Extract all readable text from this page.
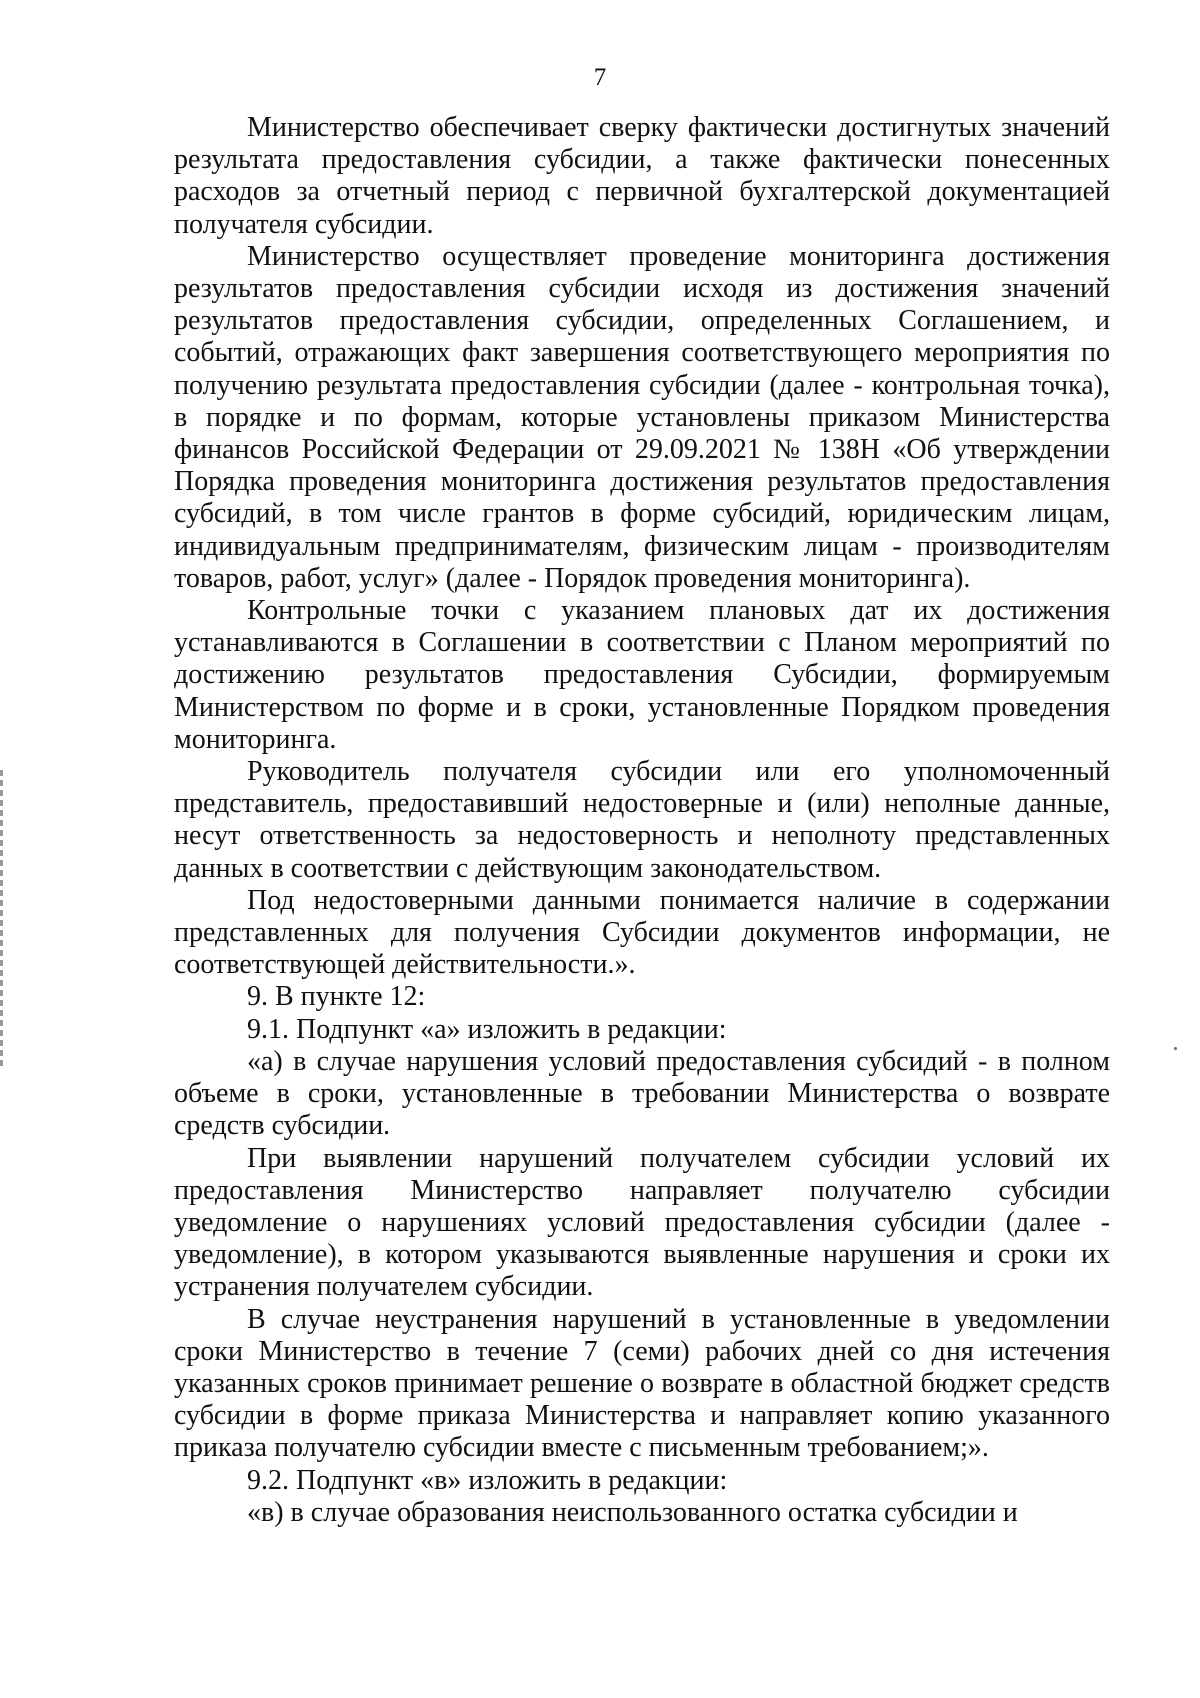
7

Министерство обеспечивает сверку фактически достигнутых значений результата предоставления субсидии, а также фактически понесенных расходов за отчетный период с первичной бухгалтерской документацией получателя субсидии.

Министерство осуществляет проведение мониторинга достижения результатов предоставления субсидии исходя из достижения значений результатов предоставления субсидии, определенных Соглашением, и событий, отражающих факт завершения соответствующего мероприятия по получению результата предоставления субсидии (далее - контрольная точка), в порядке и по формам, которые установлены приказом Министерства финансов Российской Федерации от 29.09.2021 № 138Н «Об утверждении Порядка проведения мониторинга достижения результатов предоставления субсидий, в том числе грантов в форме субсидий, юридическим лицам, индивидуальным предпринимателям, физическим лицам - производителям товаров, работ, услуг» (далее - Порядок проведения мониторинга).

Контрольные точки с указанием плановых дат их достижения устанавливаются в Соглашении в соответствии с Планом мероприятий по достижению результатов предоставления Субсидии, формируемым Министерством по форме и в сроки, установленные Порядком проведения мониторинга.

Руководитель получателя субсидии или его уполномоченный представитель, предоставивший недостоверные и (или) неполные данные, несут ответственность за недостоверность и неполноту представленных данных в соответствии с действующим законодательством.

Под недостоверными данными понимается наличие в содержании представленных для получения Субсидии документов информации, не соответствующей действительности.».

9. В пункте 12:

9.1. Подпункт «а» изложить в редакции:

«а) в случае нарушения условий предоставления субсидий - в полном объеме в сроки, установленные в требовании Министерства о возврате средств субсидии.

При выявлении нарушений получателем субсидии условий их предоставления Министерство направляет получателю субсидии уведомление о нарушениях условий предоставления субсидии (далее - уведомление), в котором указываются выявленные нарушения и сроки их устранения получателем субсидии.

В случае неустранения нарушений в установленные в уведомлении сроки Министерство в течение 7 (семи) рабочих дней со дня истечения указанных сроков принимает решение о возврате в областной бюджет средств субсидии в форме приказа Министерства и направляет копию указанного приказа получателю субсидии вместе с письменным требованием;».

9.2. Подпункт «в» изложить в редакции:

«в) в случае образования неиспользованного остатка субсидии и
